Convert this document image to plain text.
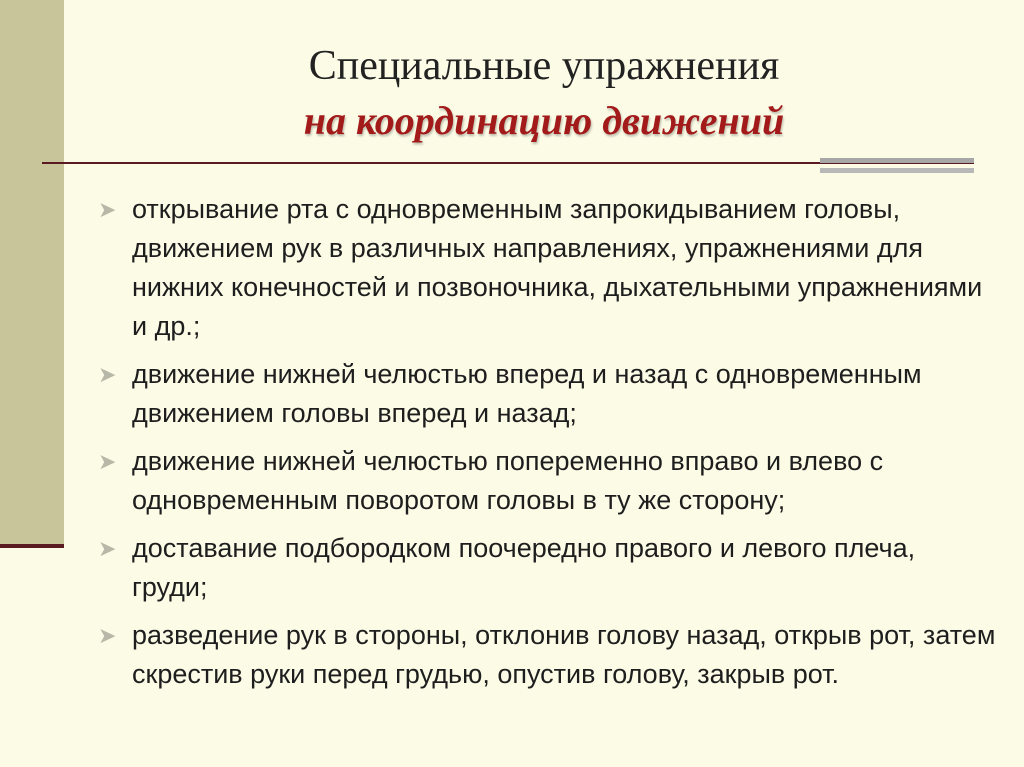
Специальные упражнения
на координацию движений
➤ открывание рта с одновременным запрокидыванием головы, движением рук в различных направлениях, упражнениями для нижних конечностей и позвоночника, дыхательными упражнениями и др.;
➤ движение нижней челюстью вперед и назад с одновременным движением головы вперед и назад;
➤ движение нижней челюстью попеременно вправо и влево с одновременным поворотом головы в ту же сторону;
➤ доставание подбородком поочередно правого и левого плеча, груди;
➤ разведение рук в стороны, отклонив голову назад, открыв рот, затем скрестив руки перед грудью, опустив голову, закрыв рот.
